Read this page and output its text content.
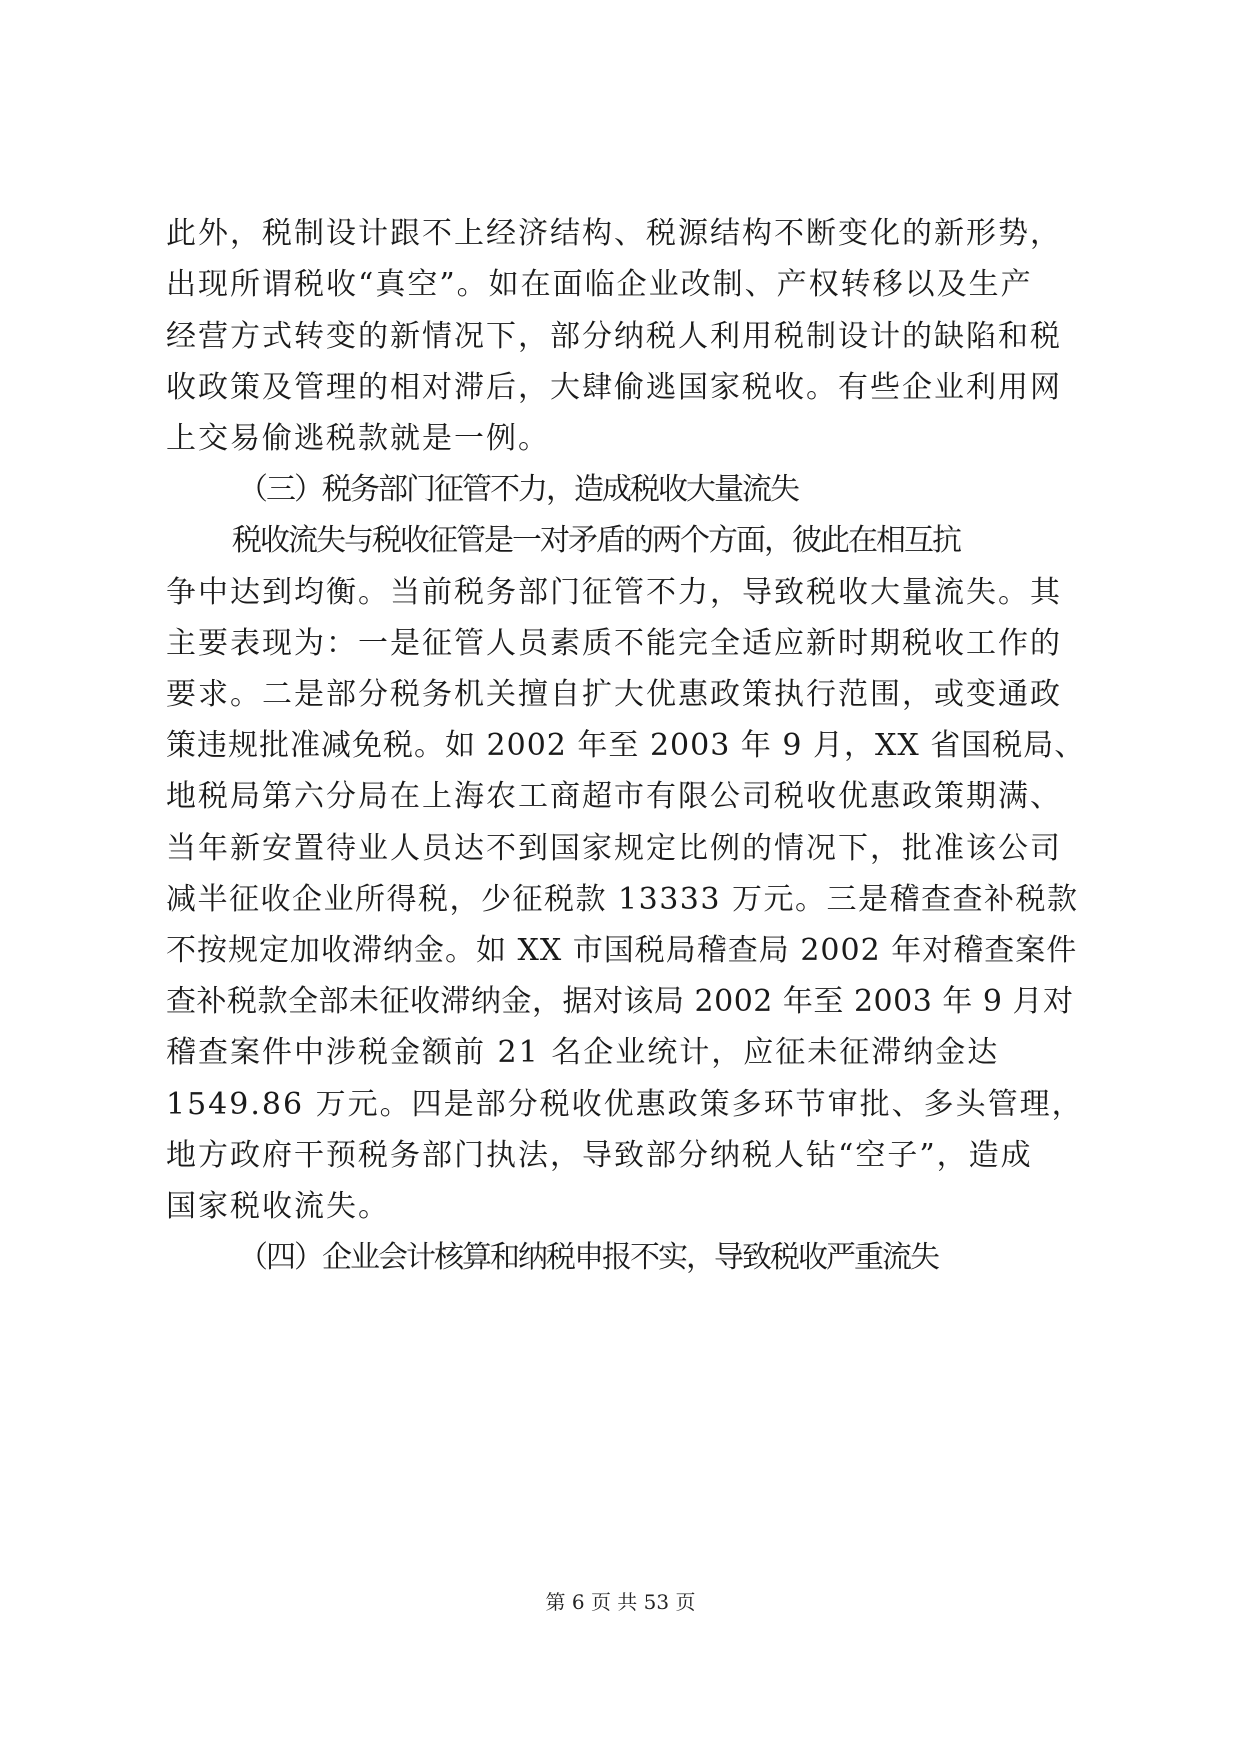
此外，税制设计跟不上经济结构、税源结构不断变化的新形势，
出现所谓税收“真空”。如在面临企业改制、产权转移以及生产
经营方式转变的新情况下，部分纳税人利用税制设计的缺陷和税
收政策及管理的相对滞后，大肆偷逃国家税收。有些企业利用网
上交易偷逃税款就是一例。
（三）税务部门征管不力，造成税收大量流失
税收流失与税收征管是一对矛盾的两个方面，彼此在相互抗
争中达到均衡。当前税务部门征管不力，导致税收大量流失。其
主要表现为：一是征管人员素质不能完全适应新时期税收工作的
要求。二是部分税务机关擅自扩大优惠政策执行范围，或变通政
策违规批准减免税。如 2002 年至 2003 年 9 月，XX 省国税局、
地税局第六分局在上海农工商超市有限公司税收优惠政策期满、
当年新安置待业人员达不到国家规定比例的情况下，批准该公司
减半征收企业所得税，少征税款 13333 万元。三是稽查查补税款
不按规定加收滞纳金。如 XX 市国税局稽查局 2002 年对稽查案件
查补税款全部未征收滞纳金，据对该局 2002 年至 2003 年 9 月对
稽查案件中涉税金额前 21 名企业统计，应征未征滞纳金达
1549.86 万元。四是部分税收优惠政策多环节审批、多头管理，
地方政府干预税务部门执法，导致部分纳税人钻“空子”，造成
国家税收流失。
（四）企业会计核算和纳税申报不实，导致税收严重流失
第 6 页 共 53 页
